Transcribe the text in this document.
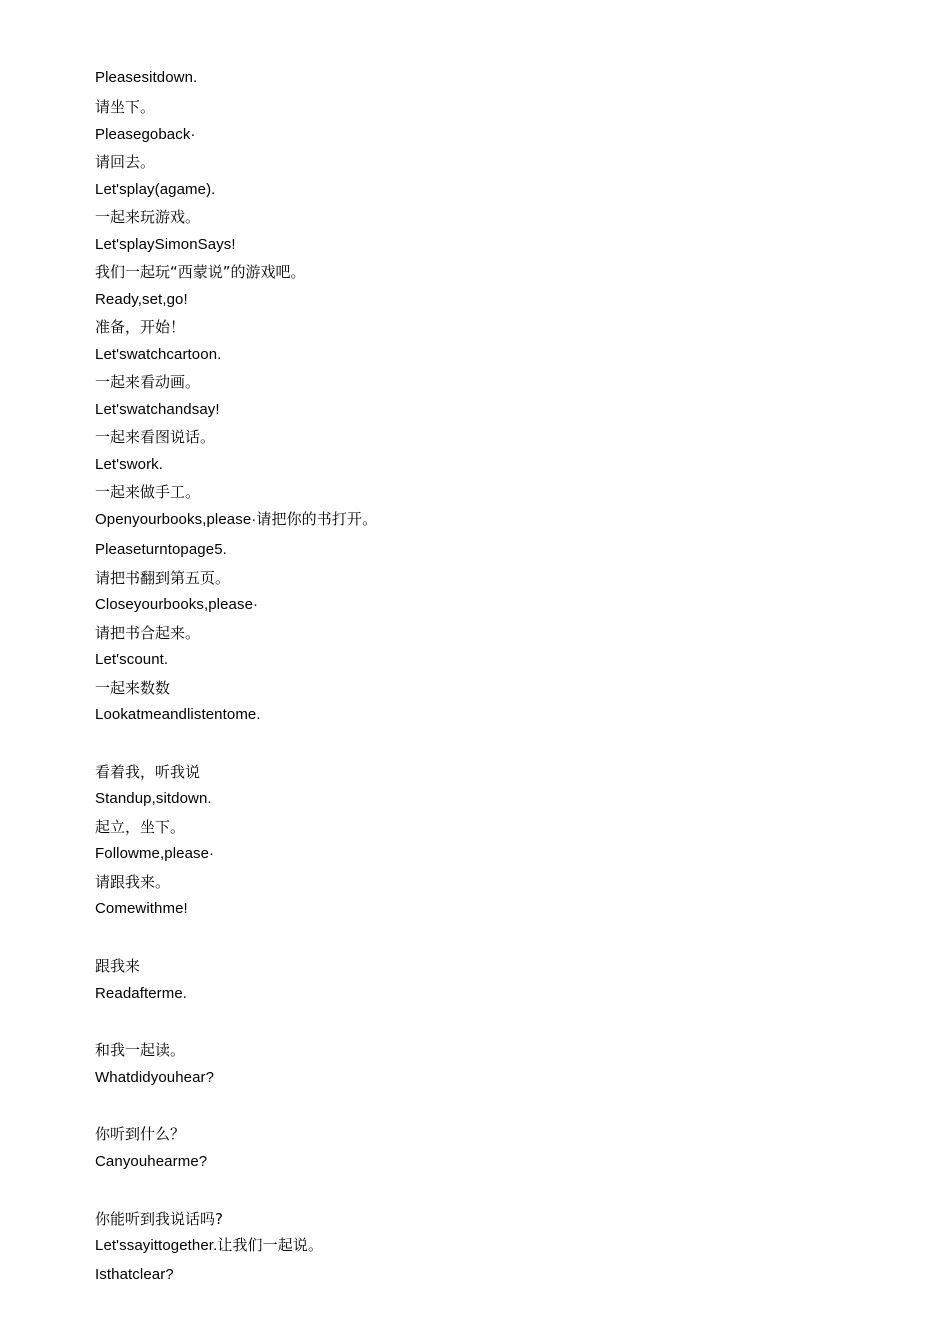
Pleasesitdown.

请坐下。

Pleasegoback·

请回去。

Let'splay(agame).

一起来玩游戏。

Let'splaySimonSays!

我们一起玩“西蒙说”的游戏吧。

Ready,set,go!

准备，开始！

Let'swatchcartoon.

一起来看动画。

Let'swatchandsay!

一起来看图说话。

Let'swork.

一起来做手工。

Openyourbooks,please·请把你的书打开。

Pleaseturntopage5.

请把书翻到第五页。

Closeyourbooks,please·

请把书合起来。

Let'scount.

一起来数数

Lookatmeandlistentome.

看着我，听我说

Standup,sitdown.

起立，坐下。

Followme,please·

请跟我来。

Comewithme!

跟我来

Readafterme.

和我一起读。

Whatdidyouhear?

你听到什么？

Canyouhearme?

你能听到我说话吗?

Let'ssayittogether.让我们一起说。

Isthatclear?
